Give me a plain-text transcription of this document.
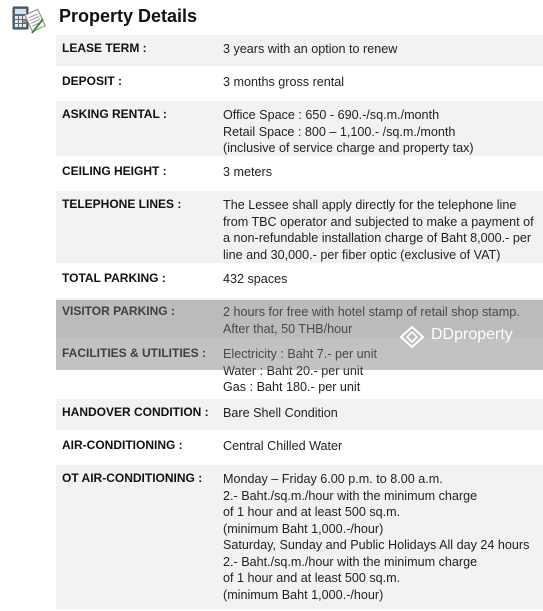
Property Details
LEASE TERM :	3 years with an option to renew
DEPOSIT :	3 months gross rental
ASKING RENTAL :	Office Space : 650 - 690.-/sq.m./month
Retail Space : 800 – 1,100.- /sq.m./month
(inclusive of service charge and property tax)
CEILING HEIGHT :	3 meters
TELEPHONE LINES :	The Lessee shall apply directly for the telephone line
from TBC operator and subjected to make a payment of
a non-refundable installation charge of Baht 8,000.- per
line and 30,000.- per fiber optic (exclusive of VAT)
TOTAL PARKING :	432 spaces
VISITOR PARKING :	2 hours for free with hotel stamp of retail shop stamp.
After that, 50 THB/hour
FACILITIES & UTILITIES : Electricity : Baht 7.- per unit
Water : Baht 20.- per unit
Gas : Baht 180.- per unit
HANDOVER CONDITION : Bare Shell Condition
AIR-CONDITIONING :	Central Chilled Water
OT AIR-CONDITIONING : Monday – Friday 6.00 p.m. to 8.00 a.m.
2.- Baht./sq.m./hour with the minimum charge
of 1 hour and at least 500 sq.m.
(minimum Baht 1,000.-/hour)
Saturday, Sunday and Public Holidays All day 24 hours
2.- Baht./sq.m./hour with the minimum charge
of 1 hour and at least 500 sq.m.
(minimum Baht 1,000.-/hour)
DDproperty
